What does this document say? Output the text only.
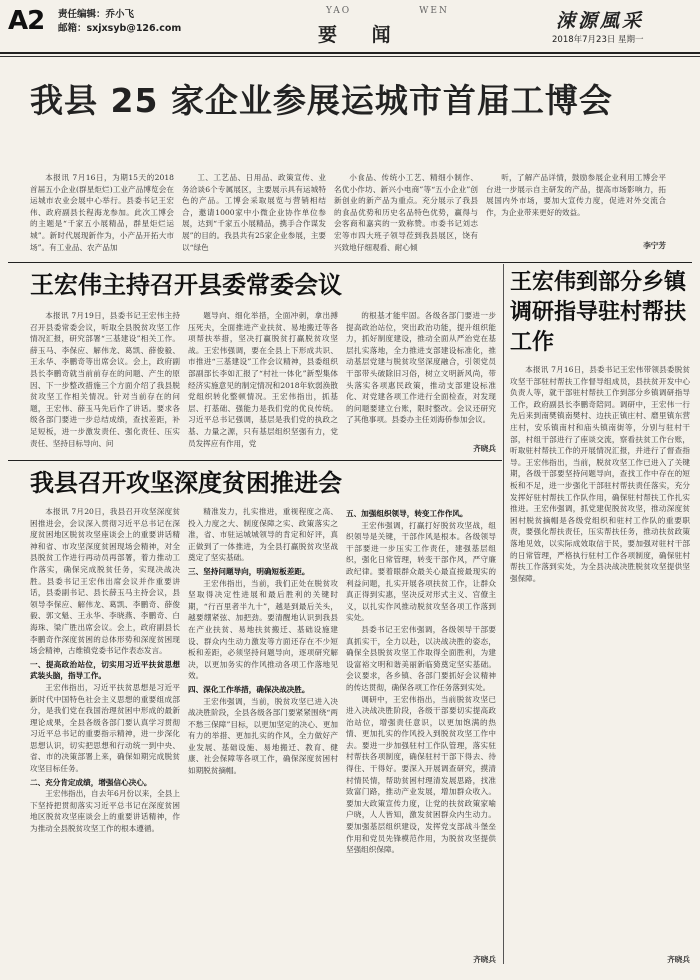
A2 责任编辑：乔小飞
邮箱：sxjxsyb@126.com
YAO	WEN
要 闻
涑源風采
2018年7月23日 星期一
我县 25 家企业参展运城市首届工博会

本报讯 7月16日，为期15天的2018首届五小企业(群星炬烂)工业产品博览会在运城市农业会展中心举行。县委书记王宏伟、政府副县长程海龙参加。此次工博会的主题是“千家五小展精品，群星炬烂运城”。新时代展现新作为，小产品开拓大市场”。有工业品、农产品加

工、工艺品、日用品、政策宣传、业务洽谈6个专属展区，主要展示具有运城特色的产品。工博会采取展览与营销相结合，邀请1000家中小微企业协作单位参展，达到“千家五小展精品，携手合作谋发展”的目的。我县共有25家企业参展，主要以“绿色

小食品、传统小工艺、精细小制作、名优小作坊、新兴小电商”等“五小企业”创新创业的新产品为重点。充分展示了我县的食品优势和历史名品特色优势，赢得与会客商和嘉宾的一致称赞。市委书记刘志宏等市四大班子领导莅到我县展区，饶有兴致地仔细观看、耐心倾

听，了解产品详情，鼓励参展企业利用工博会平台进一步展示自主研发的产品，提高市场影响力，拓展国内外市场，要加大宣传力度，促进对外交流合作，为企业带来更好的效益。

李宁芳
王宏伟主持召开县委常委会议

本报讯 7月19日，县委书记王宏伟主持召开县委常委会议，听取全县脱贫攻坚工作情况汇报，研究部署“三基建设”相关工作。薛玉马、李保应、解伟龙、葛凯、薛俊毅、王永华、李鹏奇等出席会议。会上，政府副县长李鹏奇就当前前存在的问题、产生的原因、下一步整改措施三个方面介绍了我县脱贫攻坚工作相关情况。针对当前存在的问题，王宏伟、薛玉马先后作了讲话。要求各级各部门要进一步总结成绩，查找差距，补足短板，进一步激发责任、强化责任、压实责任、坚持目标导向、问

题导向、细化举措，全面冲刺，拿出搏压死夫，全面推进产业扶贫、易地搬迁等各项帮扶举措，坚决打赢脱贫打赢脱贫攻坚战。王宏伟强调，要在全县上下形成共识、市推进“三基建设”工作会议精神，县委组织部副部长李如汇报了“村社一体化”新型集体经济实施意见的制定情况和2018年软弱涣散党组织转化整顿情况。王宏伟指出，抓基层、打基础、强能力是我们党的优良传统。习近平总书记强调，基层是我们党的执政之基、力量之源，只有基层组织坚强有力，党员发挥应有作用，党

的根基才能牢固。各级各部门要进一步提高政治站位，突出政治功能，提升组织能力，抓好制度建设，推动全面从严治党在基层扎实落地，全力推进支部建设标准化，推动基层党建与脱贫攻坚深度融合，引领党员干部带头破除旧习俗，树立文明新风尚，带头落实各项惠民政策，推动支部建设标准化、对党建各项工作进行全面检查，对发现的问题要建立台账，限时整改。会议还研究了其他事项。县委办主任刘海侨参加会议。

齐晓兵
王宏伟到部分乡镇调研指导驻村帮扶工作

本报讯 7月16日，县委书记王宏伟带领县委脱贫攻坚干部驻村帮扶工作督导组成员，县扶贫开发中心负责人等，就干部驻村帮扶工作到部分乡镇调研指导工作，政府副县长李鹏奇陪同。调研中，王宏伟一行先后来到南樊镇南樊村、边扶正镇庄村、磨里镇东营庄村，安乐镇南村和庙头镇南街等，分别与驻村干部，村组干部进行了座谈交流，察看扶贫工作台账，听取驻村帮扶工作的开展情况汇报，并进行了督查指导。王宏伟指出，当前，脱贫攻坚工作已进入了关键期，各级干部要坚持问题导向，查找工作中存在的短板和不足，进一步强化干部驻村帮扶责任落实，充分发挥好驻村帮扶工作队作用，确保驻村帮扶工作扎实推进。王宏伟强调，抓党建促脱贫攻坚，推动深度贫困村脱贫摘帽是各级党组织和驻村工作队的重要职责，要强化帮扶责任，压实帮扶任务，推动扶贫政策落地见效，以实际成效取信于民，要加强对驻村干部的日常管理，严格执行驻村工作各项制度，确保驻村帮扶工作落到实处，为全县决战决胜脱贫攻坚提供坚强保障。

齐晓兵
我县召开攻坚深度贫困推进会

本报讯 7月20日，我县召开攻坚深度贫困推进会，会议深入贯彻习近平总书记在深度贫困地区脱贫攻坚座谈会上的重要讲话精神和省、市攻坚深度贫困现场会精神，对全县脱贫工作进行再动员再部署，着力推动工作落实，确保完成脱贫任务，实现决战决胜。县委书记王宏伟出席会议并作重要讲话，县委副书记、县长薛玉马主持会议，县领导李保应、解伟龙、葛凯、李鹏奇、薛俊毅、郭文魁、王永华、李晓燕、李鹏奇、白海珠、梁广胜出席会议。会上，政府副县长李鹏奇作深度贫困的总体形势和深度贫困现场会精神，古维镇党委书记作表态发言。

一、提高政治站位，切实用习近平扶贫思想武装头脑，指导工作。

王宏伟指出，习近平扶贫思想是习近平新时代中国特色社会主义思想的重要组成部分，是我们党在我国治理贫困中形成的最新理论成果，全县各级各部门要认真学习贯彻习近平总书记的重要指示精神，进一步深化思想认识，切实把思想和行动统一到中央、省、市的决策部署上来，确保如期完成脱贫攻坚目标任务。

二、充分肯定成绩，增强信心决心。

王宏伟指出，自去年6月份以来，全县上下坚持把贯彻落实习近平总书记在深度贫困地区脱贫攻坚座谈会上的重要讲话精神，作为推动全县脱贫攻坚工作的根本遵循。

精准发力，扎实推进，重视程度之高、投入力度之大、制度保障之实、政策落实之准，省、市驻运城城领导的肯定和好评，真正做到了一体推进，为全县打赢脱贫攻坚战奠定了坚实基础。

三、坚持问题导向，明确短板差距。

王宏伟指出，当前，我们正处在脱贫攻坚取得决定性进展和最后胜利的关键时期，“行百里者半九十”，越是到最后关头，越要绷紧弦、加把劲。要清醒地认识到我县在产业扶贫、易地扶贫搬迁、基础设施建设、群众内生动力激发等方面还存在不少短板和差距，必须坚持问题导向，逐项研究解决，以更加务实的作风推动各项工作落地见效。

四、深化工作举措，确保决战决胜。

王宏伟强调，当前，脱贫攻坚已进入决战决胜阶段，全县各级各部门要紧紧围绕“两不愁三保障”目标，以更加坚定的决心、更加有力的举措、更加扎实的作风，全力做好产业发展、基础设施、易地搬迁、教育、健康、社会保障等各项工作，确保深度贫困村如期脱贫摘帽。

五、加强组织领导，转变工作作风。

王宏伟强调，打赢打好脱贫攻坚战，组织领导是关键，干部作风是根本。各级领导干部要进一步压实工作责任，建强基层组织，强化日常管理，转变干部作风，严守廉政纪律。要着眼群众最关心最直接最现实的利益问题，扎实开展各项扶贫工作，让群众真正得到实惠，坚决反对形式主义、官僚主义，以扎实作风推动脱贫攻坚各项工作落到实处。

县委书记王宏伟强调，各级领导干部要真抓实干，全力以赴，以决战决胜的姿态，确保全县脱贫攻坚工作取得全面胜利，为建设富裕文明和谐美丽新临猗奠定坚实基础。会议要求，各乡镇、各部门要抓好会议精神的传达贯彻，确保各项工作任务落到实处。

调研中，王宏伟指出，当前脱贫攻坚已进入决战决胜阶段，各级干部要切实提高政治站位，增强责任意识，以更加饱满的热情、更加扎实的作风投入到脱贫攻坚工作中去。要进一步加强驻村工作队管理，落实驻村帮扶各项制度，确保驻村干部下得去、待得住、干得好。要深入开展调查研究，摸清村情民情，帮助贫困村理清发展思路，找准致富门路，推动产业发展，增加群众收入。要加大政策宣传力度，让党的扶贫政策家喻户晓，人人皆知，激发贫困群众内生动力。要加强基层组织建设，发挥党支部战斗堡垒作用和党员先锋模范作用，为脱贫攻坚提供坚强组织保障。

齐晓兵
